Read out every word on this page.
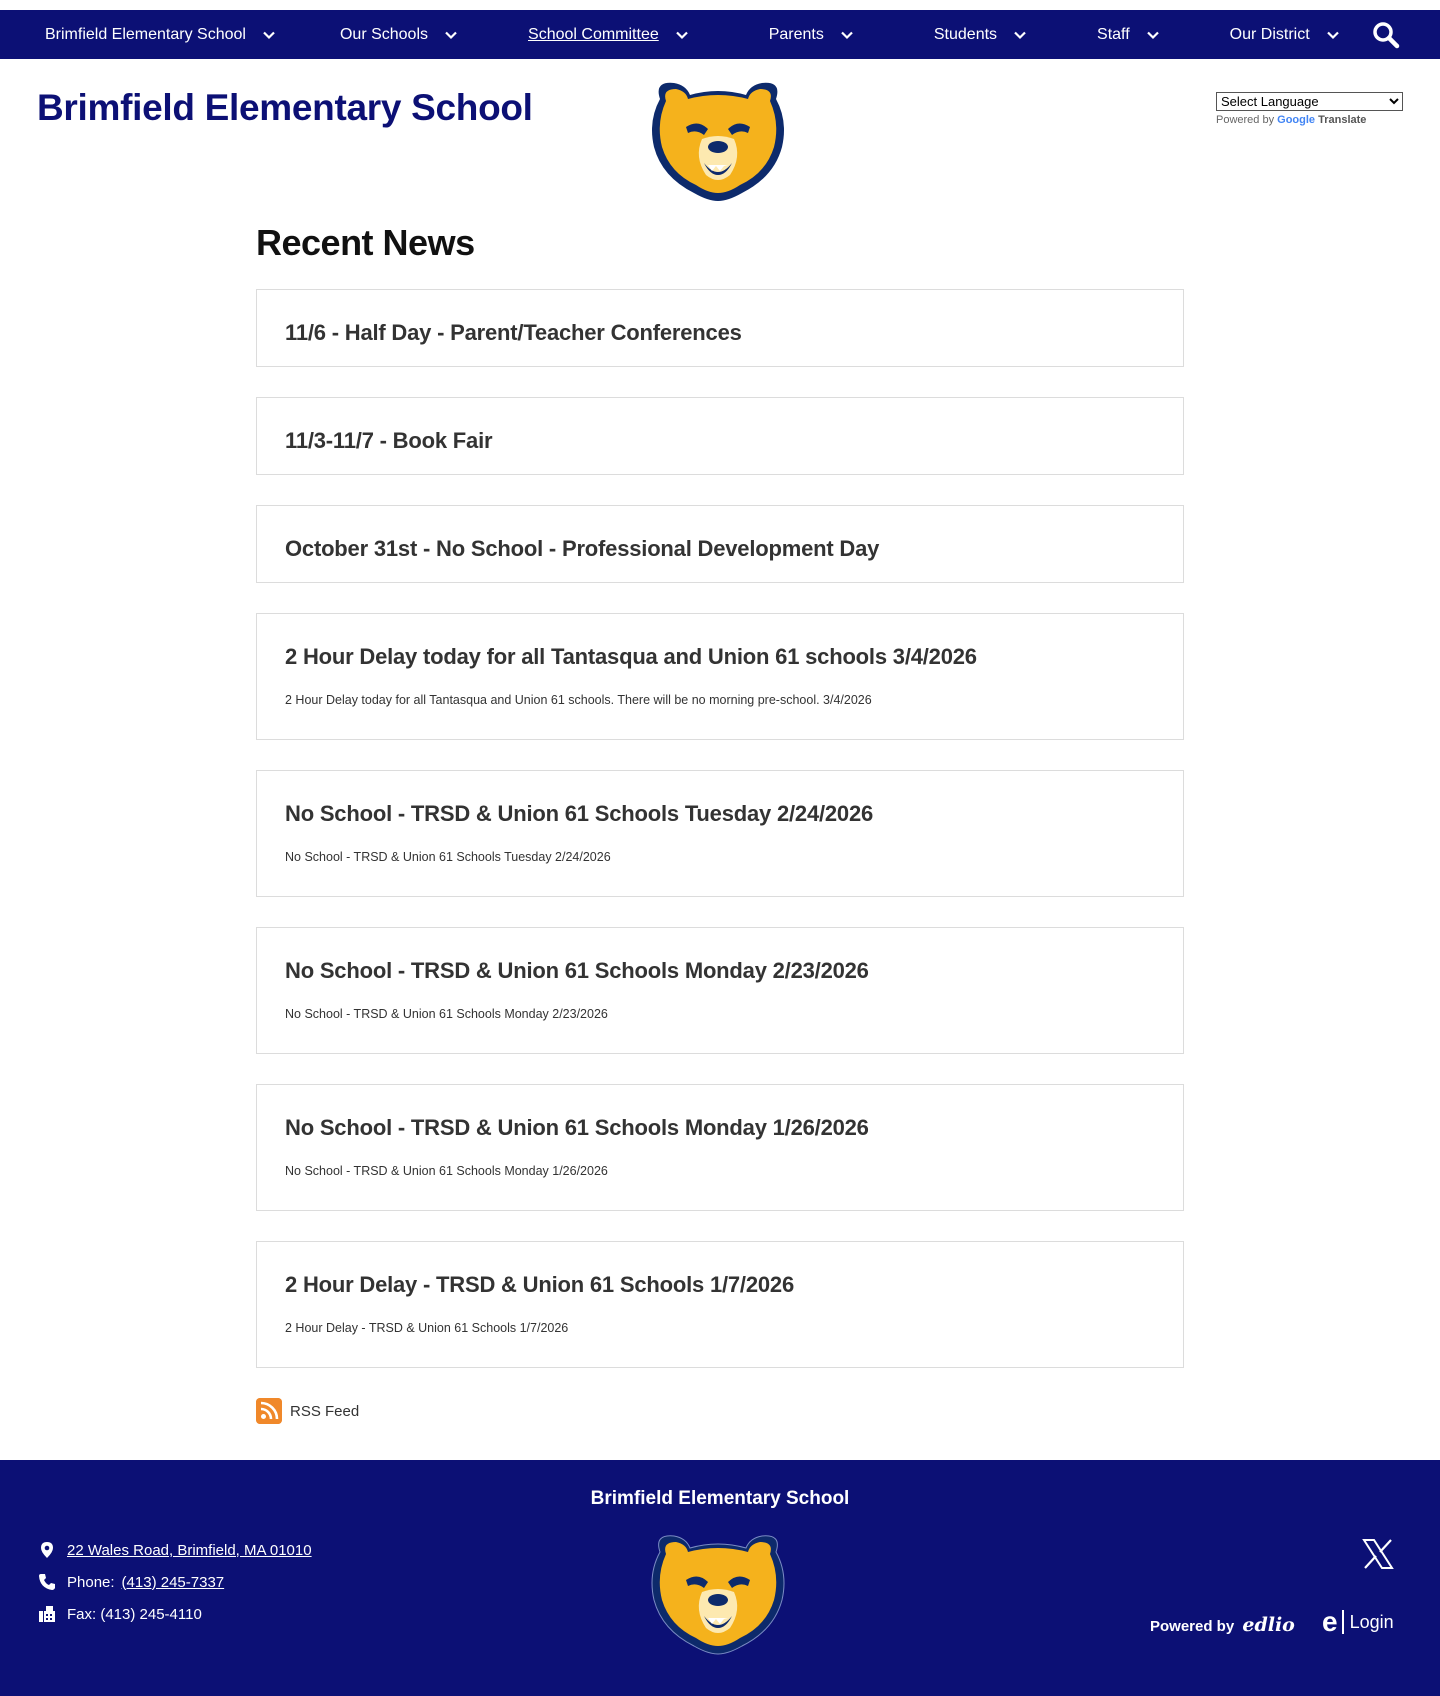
Brimfield Elementary School	Our Schools	School Committee	Parents	Students	Staff	Our District
Brimfield Elementary School
Select Language	Powered by Google Translate
Recent News
11/6 - Half Day - Parent/Teacher Conferences
11/3-11/7 - Book Fair
October 31st - No School - Professional Development Day
2 Hour Delay today for all Tantasqua and Union 61 schools 3/4/2026

2 Hour Delay today for all Tantasqua and Union 61 schools. There will be no morning pre-school. 3/4/2026

No School - TRSD & Union 61 Schools Tuesday 2/24/2026

No School - TRSD & Union 61 Schools Tuesday 2/24/2026

No School - TRSD & Union 61 Schools Monday 2/23/2026

No School - TRSD & Union 61 Schools Monday 2/23/2026

No School - TRSD & Union 61 Schools Monday 1/26/2026

No School - TRSD & Union 61 Schools Monday 1/26/2026

2 Hour Delay - TRSD & Union 61 Schools 1/7/2026

2 Hour Delay - TRSD & Union 61 Schools 1/7/2026

RSS Feed
Brimfield Elementary School
22 Wales Road, Brimfield, MA 01010
Phone: (413) 245-7337
Fax: (413) 245-4110
Powered by edlio e Login
